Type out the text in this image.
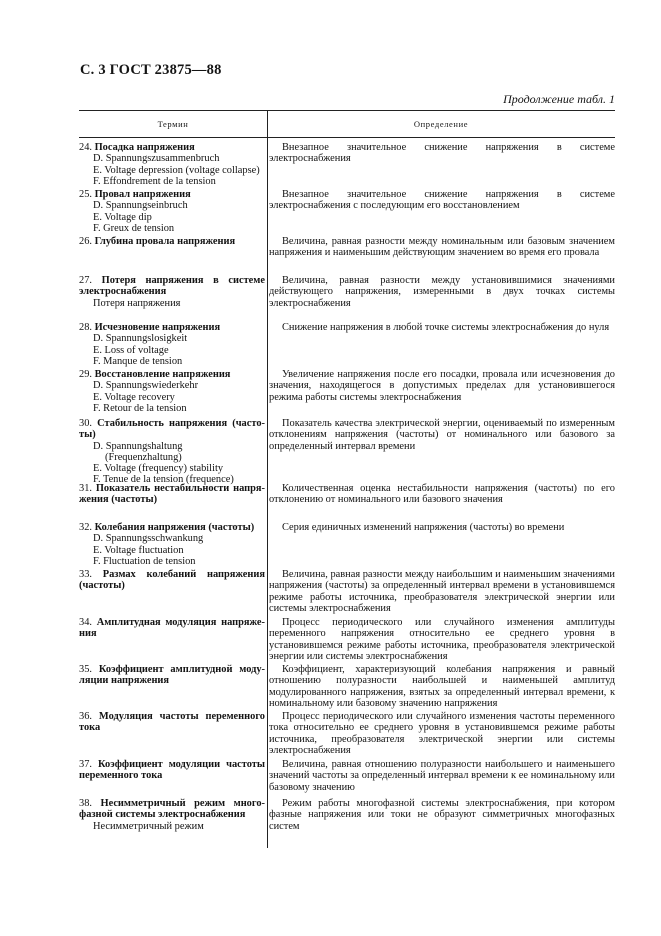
С. 3 ГОСТ 23875—88
Продолжение табл. 1
Термин	Определение
24. Посадка напряжения
D. Spannungszusammenbruch
E. Voltage depression (voltage collapse)
F. Effondrement de la tension
Внезапное значительное снижение напряжения в системе электроснабжения
25. Провал напряжения
D. Spannungseinbruch
E. Voltage dip
F. Greux de tension
Внезапное значительное снижение напряжения в системе электроснабжения с последующим его восстановлением
26. Глубина провала напряжения	Величина, равная разности между номинальным или базовым значением напряжения и наименьшим действующим значением во время его провала
27. Потеря напряжения в системе электроснабжения
Потеря напряжения
Величина, равная разности между установившимися значениями действующего напряжения, измеренными в двух точках системы электроснабжения
28. Исчезновение напряжения
D. Spannungslosigkeit
E. Loss of voltage
F. Manque de tension
Снижение напряжения в любой точке системы электроснабжения до нуля
29. Восстановление напряжения
D. Spannungswiederkehr
E. Voltage recovery
F. Retour de la tension
Увеличение напряжения после его посадки, провала или исчезновения до значения, находящегося в допустимых пределах для установившегося режима работы системы электроснабжения
30. Стабильность напряжения (часто-ты)
D. Spannungshaltung
(Frequenzhaltung)
E. Voltage (frequency) stability
F. Tenue de la tension (frequence)
Показатель качества электрической энергии, оцениваемый по измеренным отклонениям напряжения (частоты) от номинального или базового за определенный интервал времени
31. Показатель нестабильности напря-жения (частоты)
Количественная оценка нестабильности напряжения (частоты) по его отклонению от номинального или базового значения
32. Колебания напряжения (частоты)
D. Spannungsschwankung
E. Voltage fluctuation
F. Fluctuation de tension
Серия единичных изменений напряжения (частоты) во времени
33. Размах колебаний напряжения (частоты)
Величина, равная разности между наибольшим и наименьшим значениями напряжения (частоты) за определенный интервал времени в установившемся режиме работы источника, преобразователя электрической энергии или системы электроснабжения
34. Амплитудная модуляция напряже-ния
Процесс периодического или случайного изменения амплитуды переменного напряжения относительно ее среднего уровня в установившемся режиме работы источника, преобразователя электрической энергии или системы электроснабжения
35. Коэффициент амплитудной моду-ляции напряжения
Коэффициент, характеризующий колебания напряжения и равный отношению полуразности наибольшей и наименьшей амплитуд модулированного напряжения, взятых за определенный интервал времени, к номинальному или базовому значению напряжения
36. Модуляция частоты переменного тока
Процесс периодического или случайного изменения частоты переменного тока относительно ее среднего уровня в установившемся режиме работы источника, преобразователя электрической энергии или системы электроснабжения
37. Коэффициент модуляции частоты переменного тока
Величина, равная отношению полуразности наибольшего и наименьшего значений частоты за определенный интервал времени к ее номинальному или базовому значению
38. Несимметричный режим много-фазной системы электроснабжения
Несимметричный режим
Режим работы многофазной системы электроснабжения, при котором фазные напряжения или токи не образуют симметричных многофазных систем
